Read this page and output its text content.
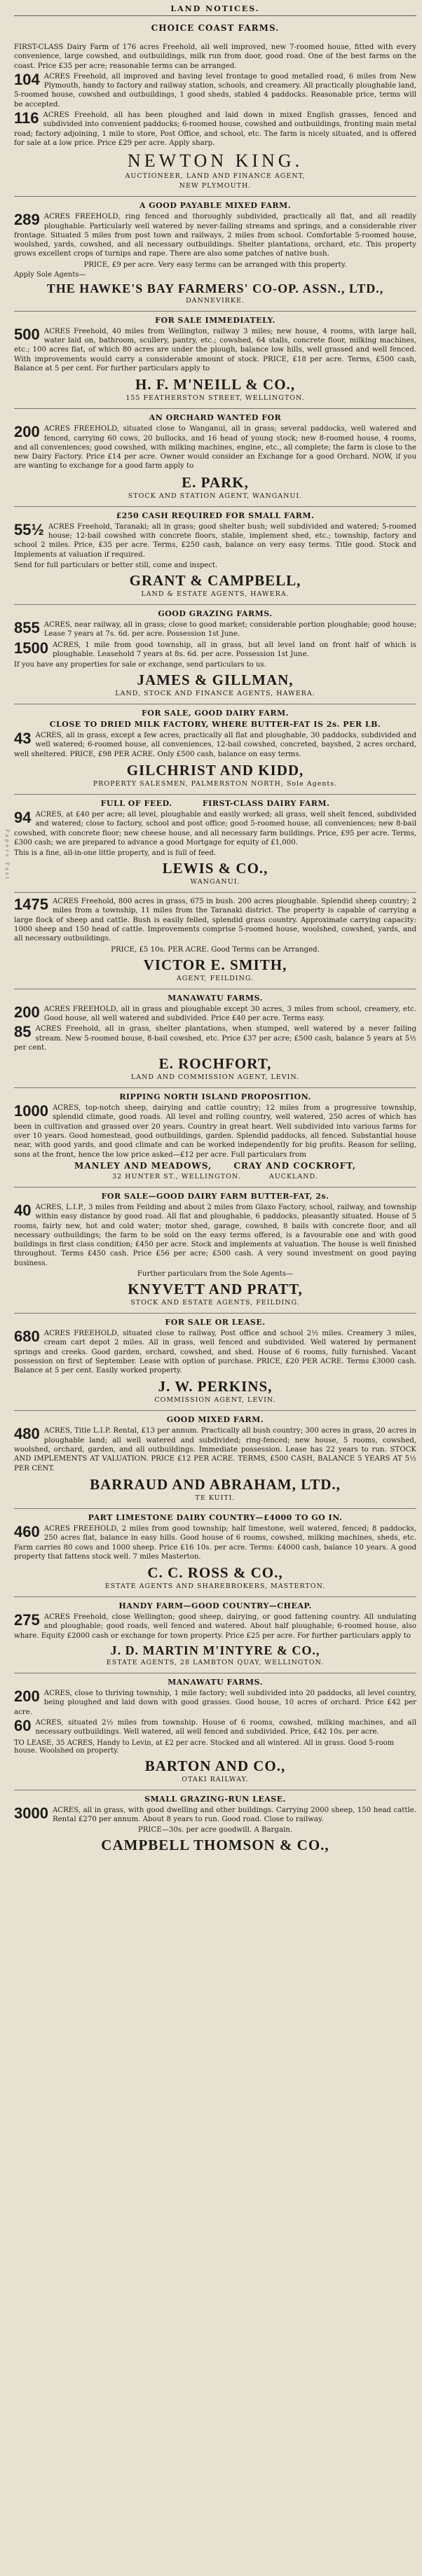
Papers Past
LAND NOTICES.
CHOICE COAST FARMS.
FIRST-CLASS Dairy Farm of 176 acres Freehold, all well improved, new 7-roomed house, fitted with every convenience, large cowshed, and outbuildings, milk run from door, good road. One of the best farms on the coast. Price £35 per acre; reasonable terms can be arranged.
104 ACRES Freehold, all improved and having level frontage to good metalled road, 6 miles from New Plymouth, handy to factory and railway station, schools, and creamery. All practically ploughable land, 5-roomed house, cowshed and outbuildings, 1 good sheds, stabled 4 paddocks. Reasonable price, terms will be accepted.
116 ACRES Freehold, all has been ploughed and laid down in mixed English grasses, fenced and subdivided into convenient paddocks; 6-roomed house, cowshed and outbuildings, fronting main metal road; factory adjoining, 1 mile to store, Post Office, and school, etc. The farm is nicely situated, and is offered for sale at a low price. Price £29 per acre. Apply sharp.
NEWTON KING.
AUCTIONEER, LAND AND FINANCE AGENT,
NEW PLYMOUTH.
A GOOD PAYABLE MIXED FARM.
289 ACRES FREEHOLD, ring fenced and thoroughly subdivided, practically all flat, and all readily ploughable. Particularly well watered by never-failing streams and springs, and a considerable river frontage. Situated 5 miles from post town and railways, 2 miles from school. Comfortable 5-roomed house, woolshed, yards, cowshed, and all necessary outbuildings. Shelter plantations, orchard, etc. This property grows excellent crops of turnips and rape. There are also some patches of native bush.
PRICE, £9 per acre. Very easy terms can be arranged with this property.
Apply Sole Agents—
THE HAWKE'S BAY FARMERS' CO-OP. ASSN., LTD.,
DANNEVIRKE.
FOR SALE IMMEDIATELY.
500 ACRES Freehold, 40 miles from Wellington, railway 3 miles; new house, 4 rooms, with large hall, water laid on, bathroom, scullery, pantry, etc.; cowshed, 64 stalls, concrete floor, milking machines, etc.; 100 acres flat, of which 80 acres are under the plough, balance low hills, well grassed and well fenced. With improvements would carry a considerable amount of stock. PRICE, £18 per acre. Terms, £500 cash, Balance at 5 per cent. For further particulars apply to
H. F. M'NEILL & CO.,
155 FEATHERSTON STREET, WELLINGTON.
AN ORCHARD WANTED FOR
200 ACRES FREEHOLD, situated close to Wanganui, all in grass; several paddocks, well watered and fenced, carrying 60 cows, 20 bullocks, and 16 head of young stock; new 8-roomed house, 4 rooms, and all conveniences; good cowshed, with milking machines, engine, etc., all complete; the farm is close to the new Dairy Factory. Price £14 per acre. Owner would consider an Exchange for a good Orchard. NOW, if you are wanting to exchange for a good farm apply to
E. PARK,
STOCK AND STATION AGENT, WANGANUI.
£250 CASH REQUIRED FOR SMALL FARM.
55½ ACRES Freehold, Taranaki; all in grass; good shelter bush; well subdivided and watered; 5-roomed house; 12-bail cowshed with concrete floors, stable, implement shed, etc.; township, factory and school 2 miles. Price, £35 per acre. Terms, £250 cash, balance on very easy terms. Title good. Stock and Implements at valuation if required.
Send for full particulars or better still, come and inspect.
GRANT & CAMPBELL,
LAND & ESTATE AGENTS, HAWERA.
GOOD GRAZING FARMS.
855 ACRES, near railway, all in grass; close to good market; considerable portion ploughable; good house; Lease 7 years at 7s. 6d. per acre. Possession 1st June.
1500 ACRES, 1 mile from good township, all in grass, but all level land on front half of which is ploughable. Leasehold 7 years at 8s. 6d. per acre. Possession 1st June.
If you have any properties for sale or exchange, send particulars to us.
JAMES & GILLMAN,
LAND, STOCK AND FINANCE AGENTS, HAWERA.
FOR SALE, GOOD DAIRY FARM.
CLOSE TO DRIED MILK FACTORY, WHERE BUTTER-FAT IS 2s. PER LB.
43 ACRES, all in grass, except a few acres, practically all flat and ploughable, 30 paddocks, subdivided and well watered; 6-roomed house, all conveniences, 12-bail cowshed, concreted, bayshed, 2 acres orchard, well sheltered. PRICE, £98 PER ACRE. Only £500 cash, balance on easy terms.
GILCHRIST AND KIDD,
PROPERTY SALESMEN, PALMERSTON NORTH, Sole Agents.
FULL OF FEED.	FIRST-CLASS DAIRY FARM.
94 ACRES, at £40 per acre; all level, ploughable and easily worked; all grass, well shelt fenced, subdivided and watered; close to factory, school and post office; good 5-roomed house, all conveniences; new 8-bail cowshed, with concrete floor; new cheese house, and all necessary farm buildings. Price, £95 per acre. Terms, £300 cash; we are prepared to advance a good Mortgage for equity of £1,000.
This is a fine, all-in-one little property, and is full of feed.
LEWIS & CO.,
WANGANUI.
1475 ACRES Freehold, 800 acres in grass, 675 in bush. 200 acres ploughable. Splendid sheep country; 2 miles from a township, 11 miles from the Taranaki district. The property is capable of carrying a large flock of sheep and cattle. Bush is easily felled, splendid grass country. Approximate carrying capacity: 1000 sheep and 150 head of cattle. Improvements comprise 5-roomed house, woolshed, cowshed, yards, and all necessary outbuildings.
PRICE, £5 10s. PER ACRE. Good Terms can be Arranged.
VICTOR E. SMITH,
AGENT, FEILDING.
MANAWATU FARMS.
200 ACRES FREEHOLD, all in grass and ploughable except 30 acres, 3 miles from school, creamery, etc. Good house, all well watered and subdivided. Price £40 per acre. Terms easy.
85 ACRES Freehold, all in grass, shelter plantations, when stumped, well watered by a never failing stream. New 5-roomed house, 8-bail cowshed, etc. Price £37 per acre; £500 cash, balance 5 years at 5½ per cent.
E. ROCHFORT,
LAND AND COMMISSION AGENT, LEVIN.
RIPPING NORTH ISLAND PROPOSITION.
1000 ACRES, top-notch sheep, dairying and cattle country; 12 miles from a progressive township, splendid climate, good roads. All level and rolling country, well watered, 250 acres of which has been in cultivation and grassed over 20 years. Country in great heart. Well subdivided into various farms for over 10 years. Good homestead, good outbuildings, garden. Splendid paddocks, all fenced. Substantial house near, with good yards, and good climate and can be worked independently for big profits. Reason for selling, sons at the front, hence the low price asked—£12 per acre. Full particulars from
MANLEY AND MEADOWS,	CRAY AND COCKROFT,
32 HUNTER ST., WELLINGTON.	AUCKLAND.
FOR SALE—GOOD DAIRY FARM BUTTER-FAT, 2s.
40 ACRES, L.I.P., 3 miles from Feilding and about 2 miles from Glaxo Factory, school, railway, and township within easy distance by good road. All flat and ploughable, 6 paddocks, pleasantly situated. House of 5 rooms, fairly new, hot and cold water; motor shed, garage, cowshed, 8 bails with concrete floor, and all necessary outbuildings; the farm to be sold on the easy terms offered, is a favourable one and with good buildings in first class condition; £450 per acre. Stock and implements at valuation. The house is well finished throughout. Terms £450 cash. Price £56 per acre; £500 cash. A very sound investment on good paying business.
Further particulars from the Sole Agents—
KNYVETT AND PRATT,
STOCK AND ESTATE AGENTS, FEILDING.
FOR SALE OR LEASE.
680 ACRES FREEHOLD, situated close to railway, Post office and school 2½ miles. Creamery 3 miles, cream cart depot 2 miles. All in grass, well fenced and subdivided. Well watered by permanent springs and creeks. Good garden, orchard, cowshed, and shed. House of 6 rooms, fully furnished. Vacant possession on first of September. Lease with option of purchase. PRICE, £20 PER ACRE. Terms £3000 cash. Balance at 5 per cent. Easily worked property.
J. W. PERKINS,
COMMISSION AGENT, LEVIN.
GOOD MIXED FARM.
480 ACRES, Title L.I.P. Rental, £13 per annum. Practically all bush country; 300 acres in grass, 20 acres in ploughable land; all well watered and subdivided; ring-fenced; new house, 5 rooms, cowshed, woolshed, orchard, garden, and all outbuildings. Immediate possession. Lease has 22 years to run. STOCK AND IMPLEMENTS AT VALUATION. PRICE £12 PER ACRE. TERMS, £500 CASH, BALANCE 5 YEARS AT 5½ PER CENT.
BARRAUD AND ABRAHAM, LTD.,
TE KUITI.
PART LIMESTONE DAIRY COUNTRY—£4000 TO GO IN.
460 ACRES FREEHOLD, 2 miles from good township; half limestone, well watered, fenced; 8 paddocks, 250 acres flat, balance in easy hills. Good house of 6 rooms, cowshed, milking machines, sheds, etc. Farm carries 80 cows and 1000 sheep. Price £16 10s. per acre. Terms: £4000 cash, balance 10 years. A good property that fattens stock well. 7 miles Masterton.
C. C. ROSS & CO.,
ESTATE AGENTS AND SHAREBROKERS, MASTERTON.
HANDY FARM—GOOD COUNTRY—CHEAP.
275 ACRES Freehold, close Wellington; good sheep, dairying, or good fattening country. All undulating and ploughable; good roads, well fenced and watered. About half ploughable; 6-roomed house, also whare. Equity £2000 cash or exchange for town property. Price £25 per acre. For further particulars apply to
J. D. MARTIN M'INTYRE & CO.,
ESTATE AGENTS, 28 LAMBTON QUAY, WELLINGTON.
MANAWATU FARMS.
200 ACRES, close to thriving township, 1 mile factory; well subdivided into 20 paddocks, all level country, being ploughed and laid down with good grasses. Good house, 10 acres of orchard. Price £42 per acre.
60 ACRES, situated 2½ miles from township. House of 6 rooms, cowshed, milking machines, and all necessary outbuildings. Well watered, all well fenced and subdivided. Price, £42 10s. per acre.
TO LEASE, 35 ACRES, Handy to Levin, at £2 per acre. Stocked and all wintered. All in grass. Good 5-room house. Woolshed on property.
BARTON AND CO.,
OTAKI RAILWAY.
SMALL GRAZING-RUN LEASE.
3000 ACRES, all in grass, with good dwelling and other buildings. Carrying 2000 sheep, 150 head cattle. Rental £270 per annum. About 8 years to run. Good road. Close to railway.
PRICE—30s. per acre goodwill. A Bargain.
CAMPBELL THOMSON & CO.,
